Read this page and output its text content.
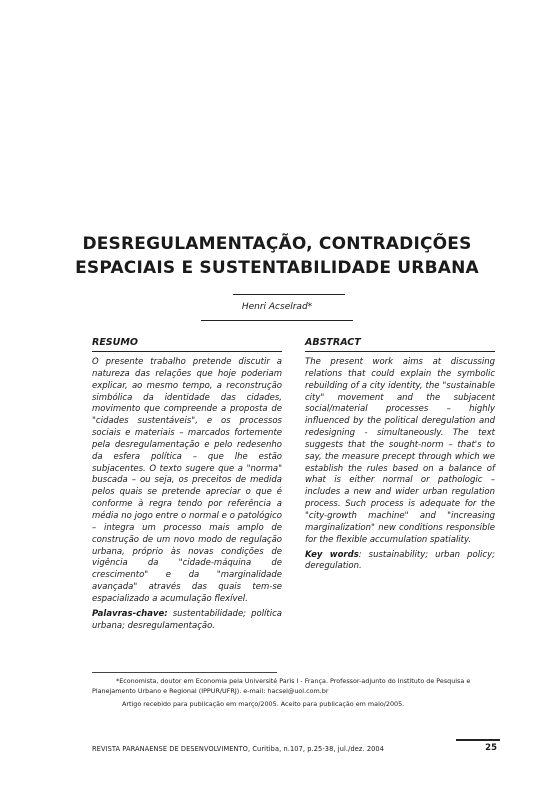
DESREGULAMENTAÇÃO, CONTRADIÇÕES
ESPACIAIS E SUSTENTABILIDADE URBANA
Henri Acselrad*
RESUMO

O presente trabalho pretende discutir a natureza das relações que hoje poderiam explicar, ao mesmo tempo, a reconstrução simbólica da identidade das cidades, movimento que compreende a proposta de "cidades sustentáveis", e os processos sociais e materiais – marcados fortemente pela desregulamentação e pelo redesenho da esfera política – que lhe estão subjacentes. O texto sugere que a "norma" buscada – ou seja, os preceitos de medida pelos quais se pretende apreciar o que é conforme à regra tendo por referência a média no jogo entre o normal e o patológico – integra um processo mais amplo de construção de um novo modo de regulação urbana, próprio às novas condições de vigência da "cidade-máquina de crescimento" e da "marginalidade avançada" através das quais tem-se espacializado a acumulação flexível.

Palavras-chave: sustentabilidade; política urbana; desregulamentação.

ABSTRACT

The present work aims at discussing relations that could explain the symbolic rebuilding of a city identity, the "sustainable city" movement and the subjacent social/material processes – highly influenced by the political deregulation and redesigning - simultaneously. The text suggests that the sought-norm – that's to say, the measure precept through which we establish the rules based on a balance of what is either normal or pathologic – includes a new and wider urban regulation process. Such process is adequate for the "city-growth machine" and "increasing marginalization" new conditions responsible for the flexible accumulation spatiality.

Key words: sustainability; urban policy; deregulation.

*Economista, doutor em Economia pela Université Paris I - França. Professor-adjunto do Instituto de Pesquisa e Planejamento Urbano e Regional (IPPUR/UFRJ). e-mail: hacsel@uol.com.br

Artigo recebido para publicação em março/2005. Aceito para publicação em maio/2005.

REVISTA PARANAENSE DE DESENVOLVIMENTO, Curitiba, n.107, p.25-38, jul./dez. 2004	25
